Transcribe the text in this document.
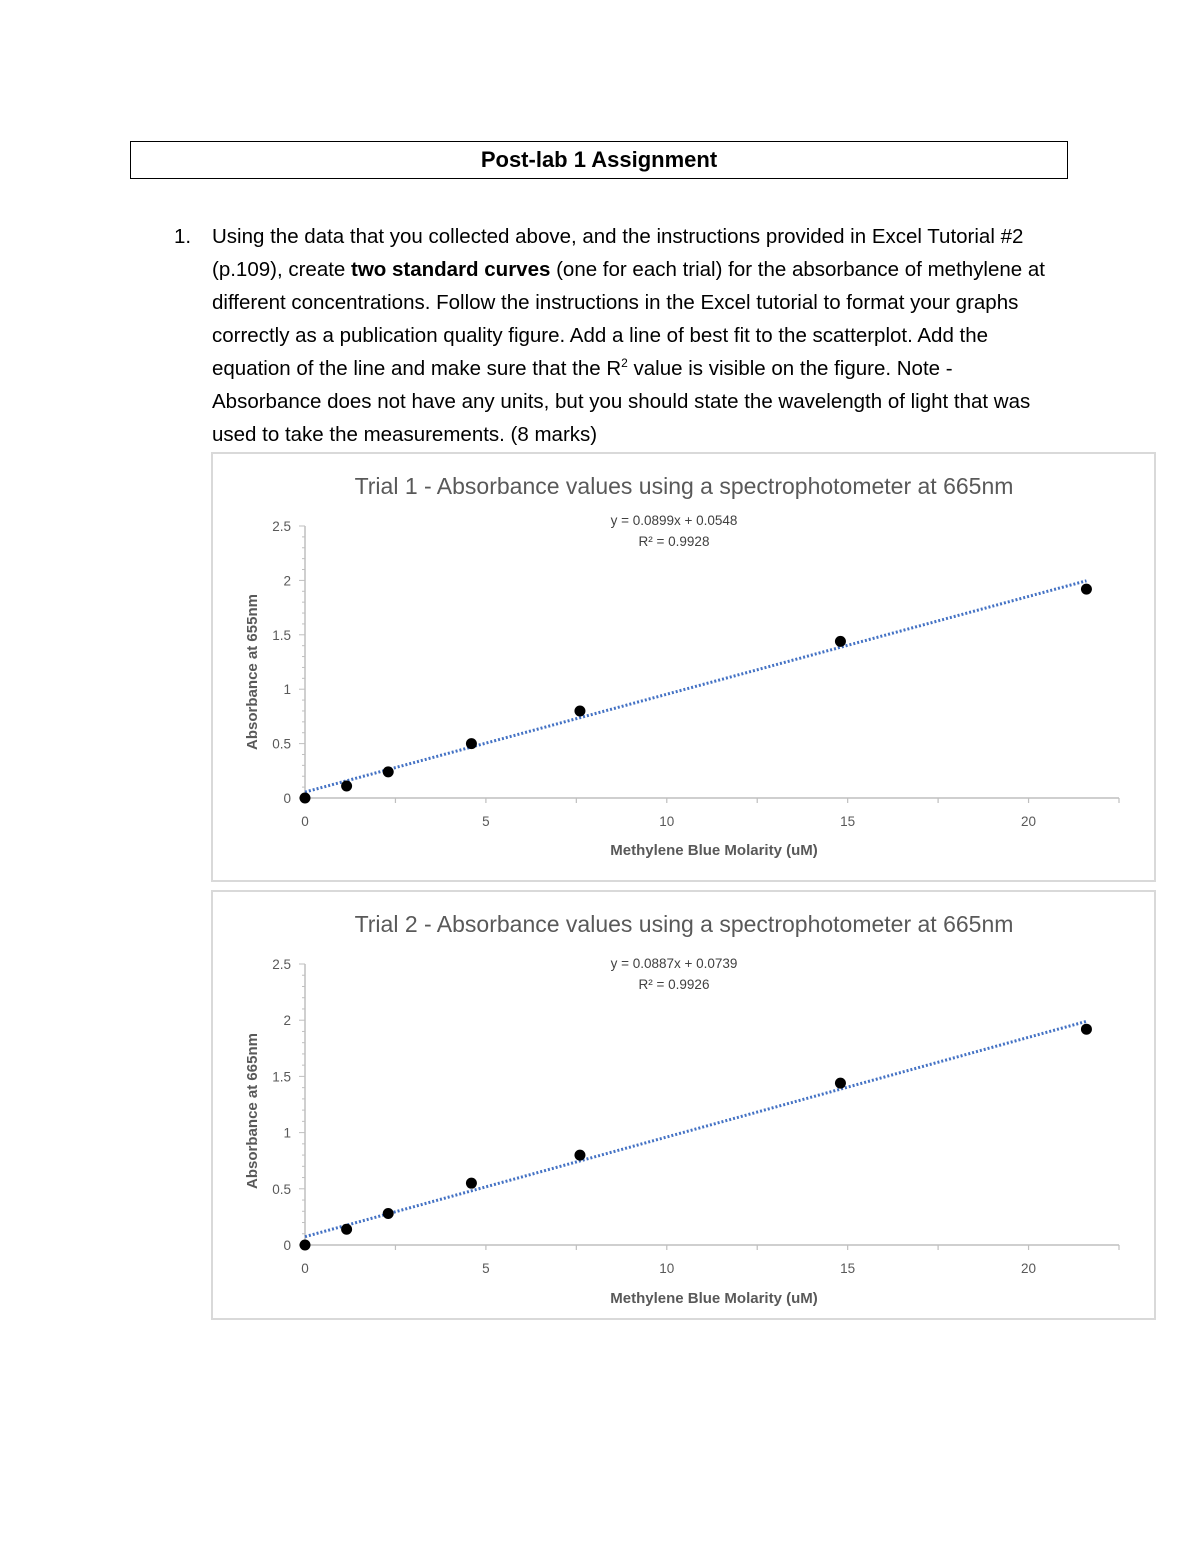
Post-lab 1 Assignment
1. Using the data that you collected above, and the instructions provided in Excel Tutorial #2 (p.109), create two standard curves (one for each trial) for the absorbance of methylene at different concentrations. Follow the instructions in the Excel tutorial to format your graphs correctly as a publication quality figure. Add a line of best fit to the scatterplot. Add the equation of the line and make sure that the $R^2$ value is visible on the figure. Note - Absorbance does not have any units, but you should state the wavelength of light that was used to take the measurements. (8 marks)
Trial 1 - Absorbance values using a spectrophotometer at 665nm
y = 0.0899x + 0.0548
R² = 0.9928
Methylene Blue Molarity (uM)
Absorbance at 655nm
0	5	10	15	20
0
0.5
1
1.5
2
2.5
Trial 2 - Absorbance values using a spectrophotometer at 665nm
y = 0.0887x + 0.0739
R² = 0.9926
Methylene Blue Molarity (uM)
Absorbance at 665nm
0	5	10	15	20
0
0.5
1
1.5
2
2.5
